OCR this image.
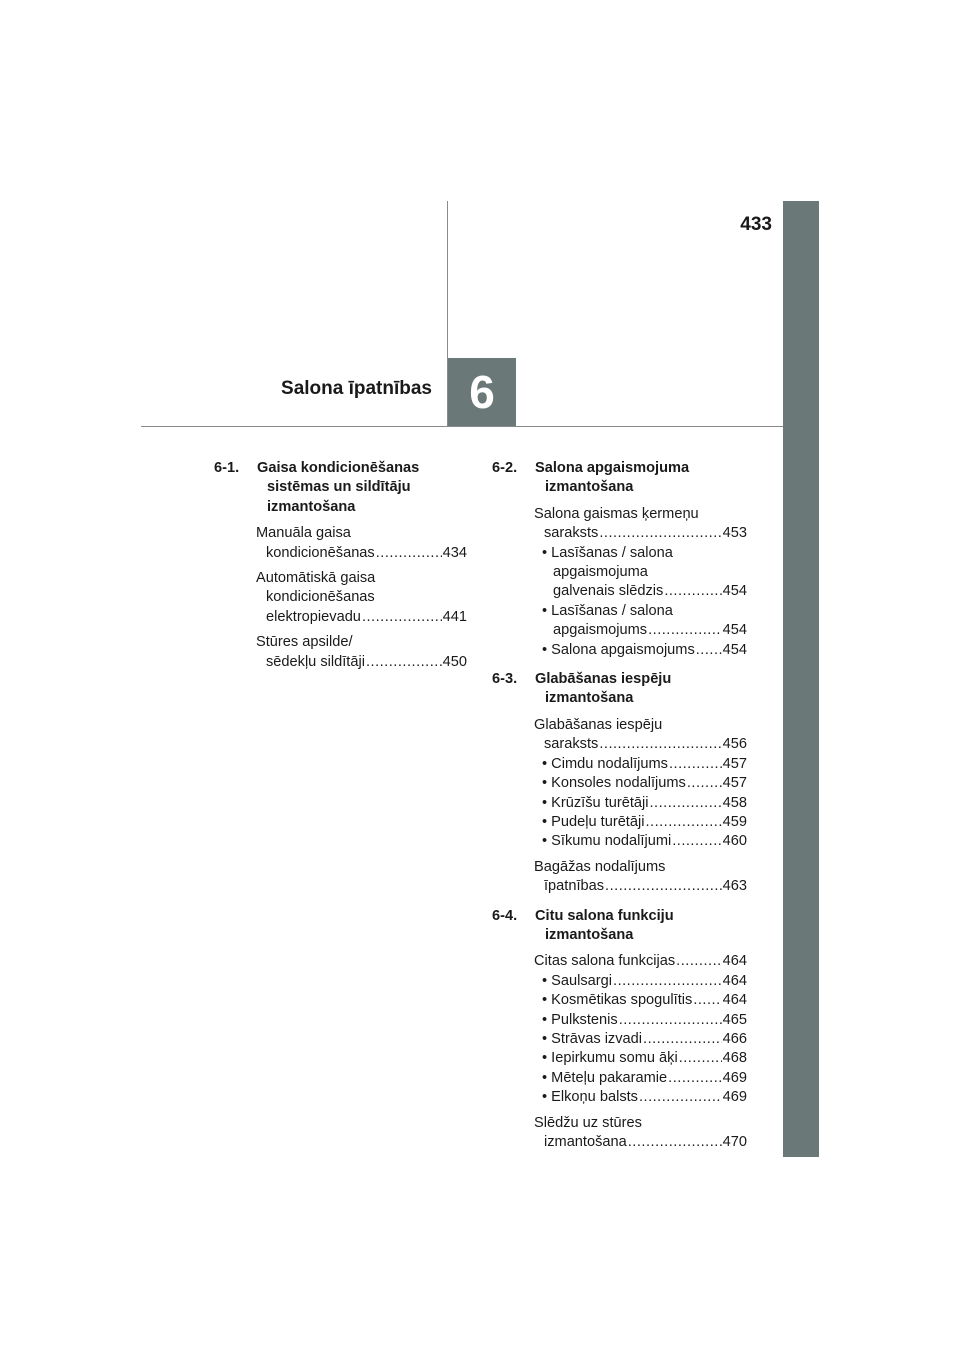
433
6
Salona īpatnības
6-1. Gaisa kondicionēšanas sistēmas un sildītāju izmantošana
Manuāla gaisa
kondicionēšanas .....	434
Automātiskā gaisa
kondicionēšanas
elektropievadu .....	441
Stūres apsilde/
sēdekļu sildītāji .....	450
6-2. Salona apgaismojuma izmantošana
Salona gaismas ķermeņu
saraksts .....	453
• Lasīšanas / salona
apgaismojuma
galvenais slēdzis .....	454
• Lasīšanas / salona
apgaismojums .....	454
• Salona apgaismojums ..... 454
6-3. Glabāšanas iespēju izmantošana
Glabāšanas iespēju
saraksts .....	456
• Cimdu nodalījums .....	457
• Konsoles nodalījums .....	457
• Krūzīšu turētāji .....	458
• Pudeļu turētāji .....	459
• Sīkumu nodalījumi .....	460
Bagāžas nodalījums
īpatnības .....	463
6-4. Citu salona funkciju izmantošana
Citas salona funkcijas .....	464
• Saulsargi .....	464
• Kosmētikas spogulītis ..... 464
• Pulkstenis .....	465
• Strāvas izvadi .....	466
• Iepirkumu somu āķi .....	468
• Mēteļu pakaramie .....	469
• Elkoņu balsts .....	469
Slēdžu uz stūres
izmantošana .....	470
